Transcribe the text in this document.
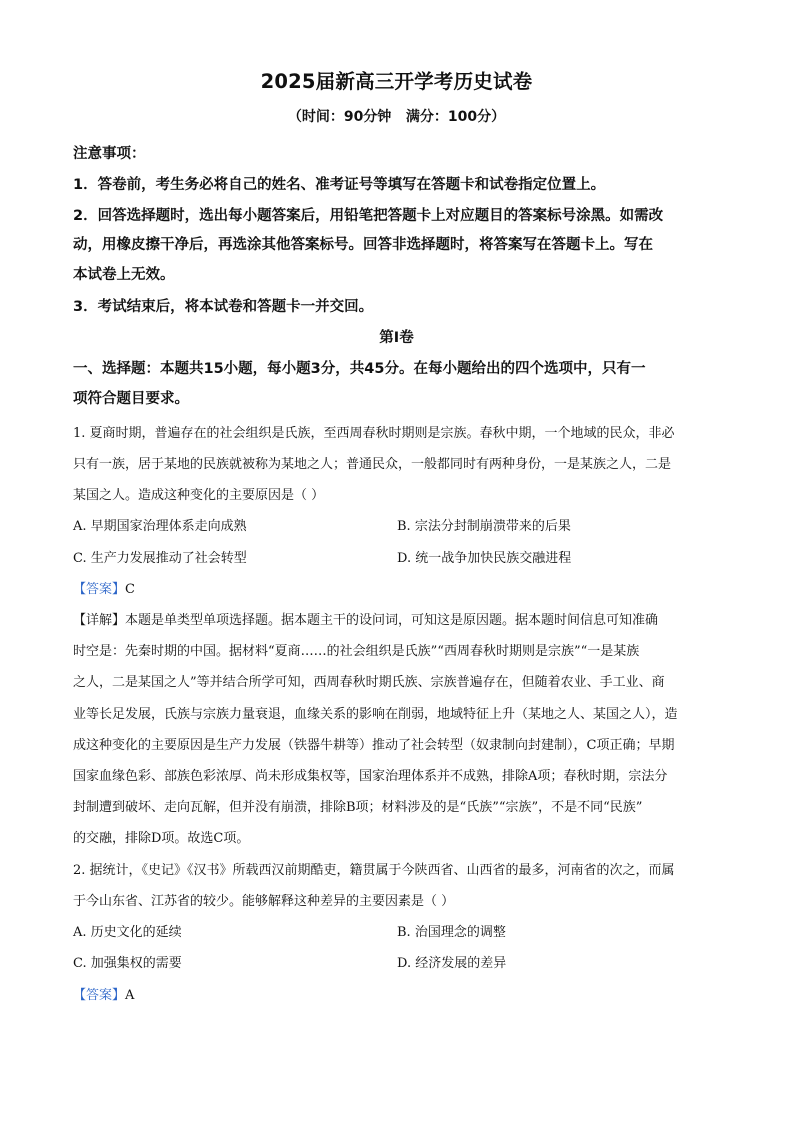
2025届新高三开学考历史试卷
（时间：90分钟   满分：100分）
注意事项：
1．答卷前，考生务必将自己的姓名、准考证号等填写在答题卡和试卷指定位置上。
2．回答选择题时，选出每小题答案后，用铅笔把答题卡上对应题目的答案标号涂黑。如需改
动，用橡皮擦干净后，再选涂其他答案标号。回答非选择题时，将答案写在答题卡上。写在
本试卷上无效。
3．考试结束后，将本试卷和答题卡一并交回。
第Ⅰ卷
一、选择题：本题共15小题，每小题3分，共45分。在每小题给出的四个选项中，只有一
项符合题目要求。
1. 夏商时期，普遍存在的社会组织是氏族，至西周春秋时期则是宗族。春秋中期，一个地域的民众，非必
只有一族，居于某地的民族就被称为某地之人；普通民众，一般都同时有两种身份，一是某族之人，二是
某国之人。造成这种变化的主要原因是（ ）
A. 早期国家治理体系走向成熟	B. 宗法分封制崩溃带来的后果
C. 生产力发展推动了社会转型	D. 统一战争加快民族交融进程
【答案】C
【详解】本题是单类型单项选择题。据本题主干的设问词，可知这是原因题。据本题时间信息可知准确
时空是：先秦时期的中国。据材料“夏商……的社会组织是氏族”“西周春秋时期则是宗族”“一是某族
之人，二是某国之人”等并结合所学可知，西周春秋时期氏族、宗族普遍存在，但随着农业、手工业、商
业等长足发展，氏族与宗族力量衰退，血缘关系的影响在削弱，地域特征上升（某地之人、某国之人），造
成这种变化的主要原因是生产力发展（铁器牛耕等）推动了社会转型（奴隶制向封建制），C项正确；早期
国家血缘色彩、部族色彩浓厚、尚未形成集权等，国家治理体系并不成熟，排除A项；春秋时期，宗法分
封制遭到破坏、走向瓦解，但并没有崩溃，排除B项；材料涉及的是“氏族”“宗族”，不是不同“民族”
的交融，排除D项。故选C项。
2. 据统计，《史记》《汉书》所载西汉前期酷吏，籍贯属于今陕西省、山西省的最多，河南省的次之，而属
于今山东省、江苏省的较少。能够解释这种差异的主要因素是（ ）
A. 历史文化的延续	B. 治国理念的调整
C. 加强集权的需要	D. 经济发展的差异
【答案】A
